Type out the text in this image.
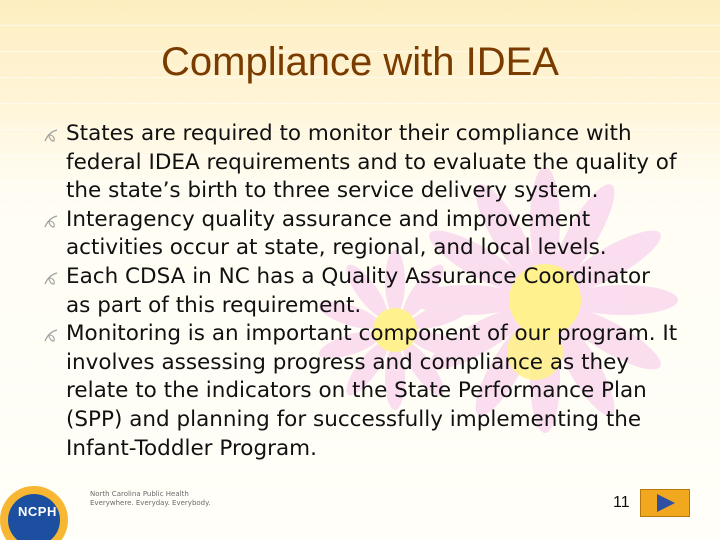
Compliance with IDEA
States are required to monitor their compliance with federal IDEA requirements and to evaluate the quality of the state’s birth to three service delivery system.
Interagency quality assurance and improvement activities occur at state, regional, and local levels.
Each CDSA in NC has a Quality Assurance Coordinator as part of this requirement.
Monitoring is an important component of our program. It involves assessing progress and compliance as they relate to the indicators on the State Performance Plan (SPP) and planning for successfully implementing the Infant-Toddler Program.
NCPH
North Carolina Public Health
Everywhere. Everyday. Everybody.	11
